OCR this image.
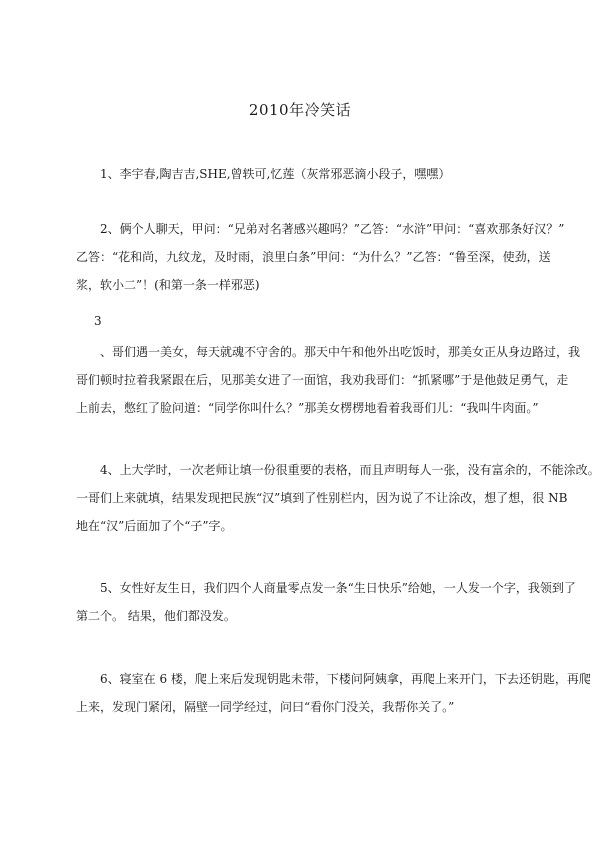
2010年冷笑话
1、李宇春,陶吉吉,SHE,曾轶可,忆莲（灰常邪恶滴小段子，嘿嘿）
2、俩个人聊天，甲问：“兄弟对名著感兴趣吗？”乙答：“水浒”甲问：“喜欢那条好汉？”
乙答：“花和尚，九纹龙，及时雨，浪里白条”甲问：“为什么？”乙答：“鲁至深，使劲，送
浆，软小二”！(和第一条一样邪恶)
3
、哥们遇一美女，每天就魂不守舍的。那天中午和他外出吃饭时，那美女正从身边路过，我
哥们顿时拉着我紧跟在后，见那美女进了一面馆，我劝我哥们：“抓紧哪”于是他鼓足勇气，走
上前去，憋红了脸问道：“同学你叫什么？”那美女楞楞地看着我哥们儿：“我叫牛肉面。”
4、上大学时，一次老师让填一份很重要的表格，而且声明每人一张，没有富余的，不能涂改。
一哥们上来就填，结果发现把民族“汉”填到了性别栏内，因为说了不让涂改，想了想，很 NB
地在“汉”后面加了个“子”字。
5、女性好友生日，我们四个人商量零点发一条“生日快乐”给她，一人发一个字，我领到了
第二个。 结果，他们都没发。
6、寝室在 6 楼，爬上来后发现钥匙未带，下楼问阿姨拿，再爬上来开门，下去还钥匙，再爬
上来，发现门紧闭，隔壁一同学经过，问曰“看你门没关，我帮你关了。”
